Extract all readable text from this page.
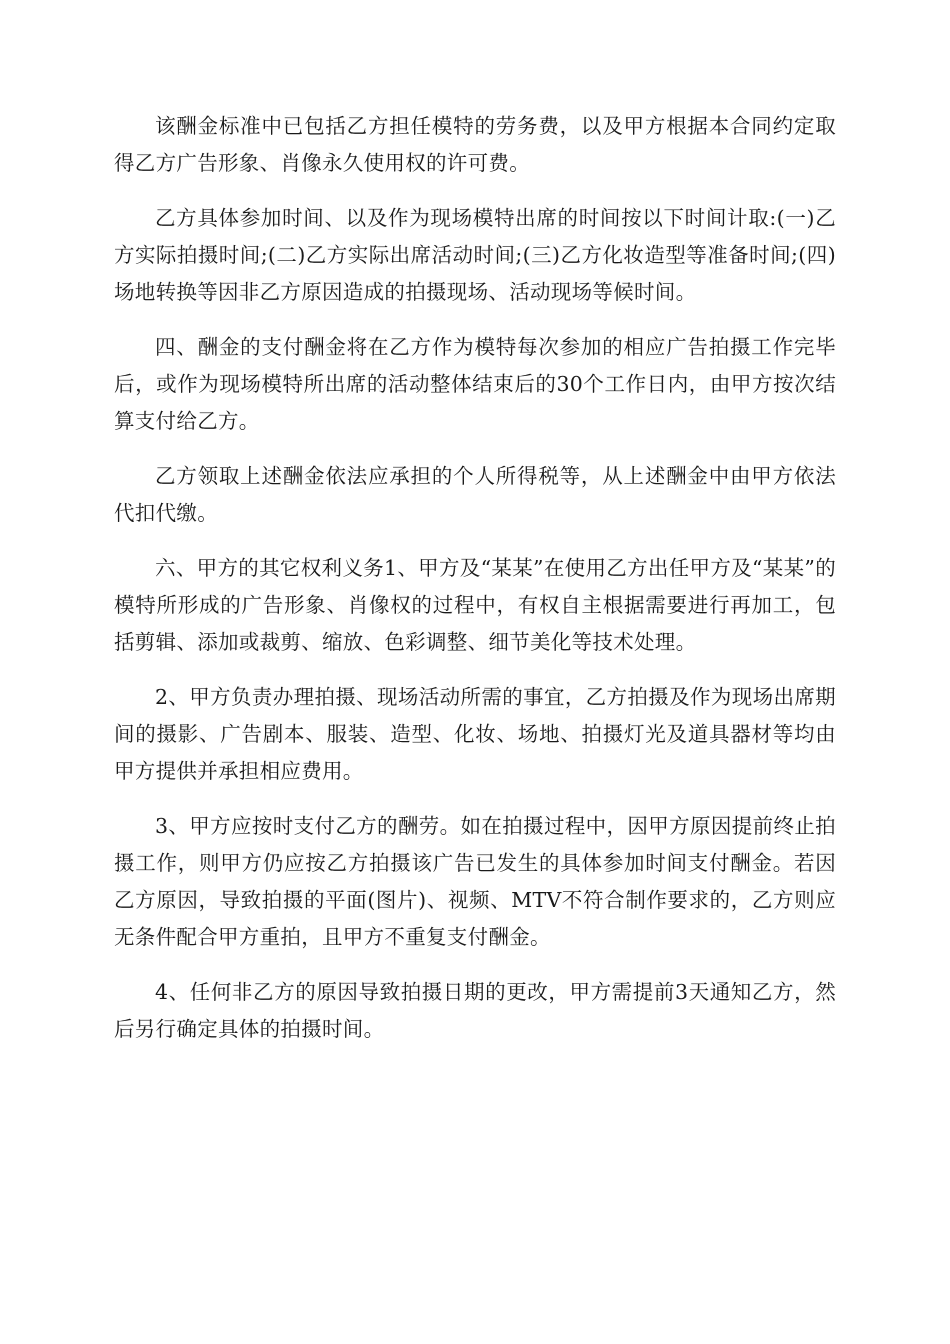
该酬金标准中已包括乙方担任模特的劳务费，以及甲方根据本合同约定取得乙方广告形象、肖像永久使用权的许可费。

乙方具体参加时间、以及作为现场模特出席的时间按以下时间计取:(一)乙方实际拍摄时间;(二)乙方实际出席活动时间;(三)乙方化妆造型等准备时间;(四)场地转换等因非乙方原因造成的拍摄现场、活动现场等候时间。

四、酬金的支付酬金将在乙方作为模特每次参加的相应广告拍摄工作完毕后，或作为现场模特所出席的活动整体结束后的30个工作日内，由甲方按次结算支付给乙方。

乙方领取上述酬金依法应承担的个人所得税等，从上述酬金中由甲方依法代扣代缴。

六、甲方的其它权利义务1、甲方及“某某”在使用乙方出任甲方及“某某”的模特所形成的广告形象、肖像权的过程中，有权自主根据需要进行再加工，包括剪辑、添加或裁剪、缩放、色彩调整、细节美化等技术处理。

2、甲方负责办理拍摄、现场活动所需的事宜，乙方拍摄及作为现场出席期间的摄影、广告剧本、服装、造型、化妆、场地、拍摄灯光及道具器材等均由甲方提供并承担相应费用。

3、甲方应按时支付乙方的酬劳。如在拍摄过程中，因甲方原因提前终止拍摄工作，则甲方仍应按乙方拍摄该广告已发生的具体参加时间支付酬金。若因乙方原因，导致拍摄的平面(图片)、视频、MTV不符合制作要求的，乙方则应无条件配合甲方重拍，且甲方不重复支付酬金。

4、任何非乙方的原因导致拍摄日期的更改，甲方需提前3天通知乙方，然后另行确定具体的拍摄时间。
